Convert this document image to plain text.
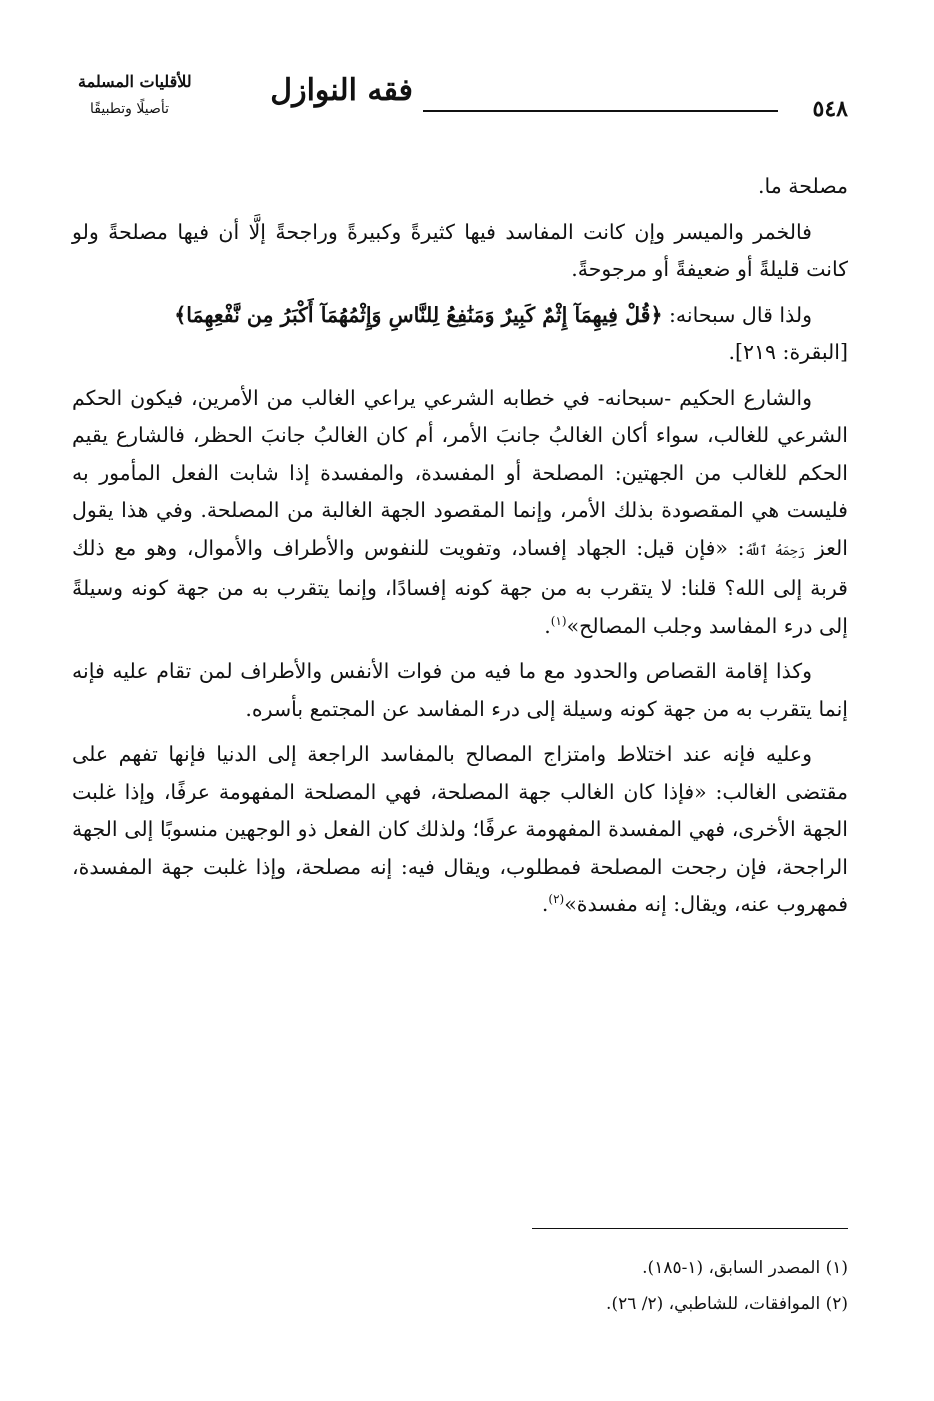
٥٤٨
فقه النوازل
للأقليات المسلمة
تأصيلًا وتطبيقًا

مصلحة ما.

فالخمر والميسر وإن كانت المفاسد فيها كثيرةً وكبيرةً وراجحةً إلَّا أن فيها مصلحةً ولو كانت قليلةً أو ضعيفةً أو مرجوحةً.

ولذا قال سبحانه: ﴿قُلْ فِيهِمَآ إِثْمٌ كَبِيرٌ وَمَنَٰفِعُ لِلنَّاسِ وَإِثْمُهُمَآ أَكْبَرُ مِن نَّفْعِهِمَا﴾
[البقرة: ٢١٩].

والشارع الحكيم -سبحانه- في خطابه الشرعي يراعي الغالب من الأمرين، فيكون الحكم الشرعي للغالب، سواء أكان الغالبُ جانبَ الأمر، أم كان الغالبُ جانبَ الحظر، فالشارع يقيم الحكم للغالب من الجهتين: المصلحة أو المفسدة، والمفسدة إذا شابت الفعل المأمور به فليست هي المقصودة بذلك الأمر، وإنما المقصود الجهة الغالبة من المصلحة. وفي هذا يقول العز رَحِمَهُ ٱللَّهُ: «فإن قيل: الجهاد إفساد، وتفويت للنفوس والأطراف والأموال، وهو مع ذلك قربة إلى الله؟ قلنا: لا يتقرب به من جهة كونه إفسادًا، وإنما يتقرب به من جهة كونه وسيلةً إلى درء المفاسد وجلب المصالح»$^{(١)}$.

وكذا إقامة القصاص والحدود مع ما فيه من فوات الأنفس والأطراف لمن تقام عليه فإنه إنما يتقرب به من جهة كونه وسيلة إلى درء المفاسد عن المجتمع بأسره.

وعليه فإنه عند اختلاط وامتزاج المصالح بالمفاسد الراجعة إلى الدنيا فإنها تفهم على مقتضى الغالب: «فإذا كان الغالب جهة المصلحة، فهي المصلحة المفهومة عرفًا، وإذا غلبت الجهة الأخرى، فهي المفسدة المفهومة عرفًا؛ ولذلك كان الفعل ذو الوجهين منسوبًا إلى الجهة الراجحة، فإن رجحت المصلحة فمطلوب، ويقال فيه: إنه مصلحة، وإذا غلبت جهة المفسدة، فمهروب عنه، ويقال: إنه مفسدة»$^{(٢)}$.

(١) المصدر السابق، (١-١٨٥).

(٢) الموافقات، للشاطبي، (٢/ ٢٦).
